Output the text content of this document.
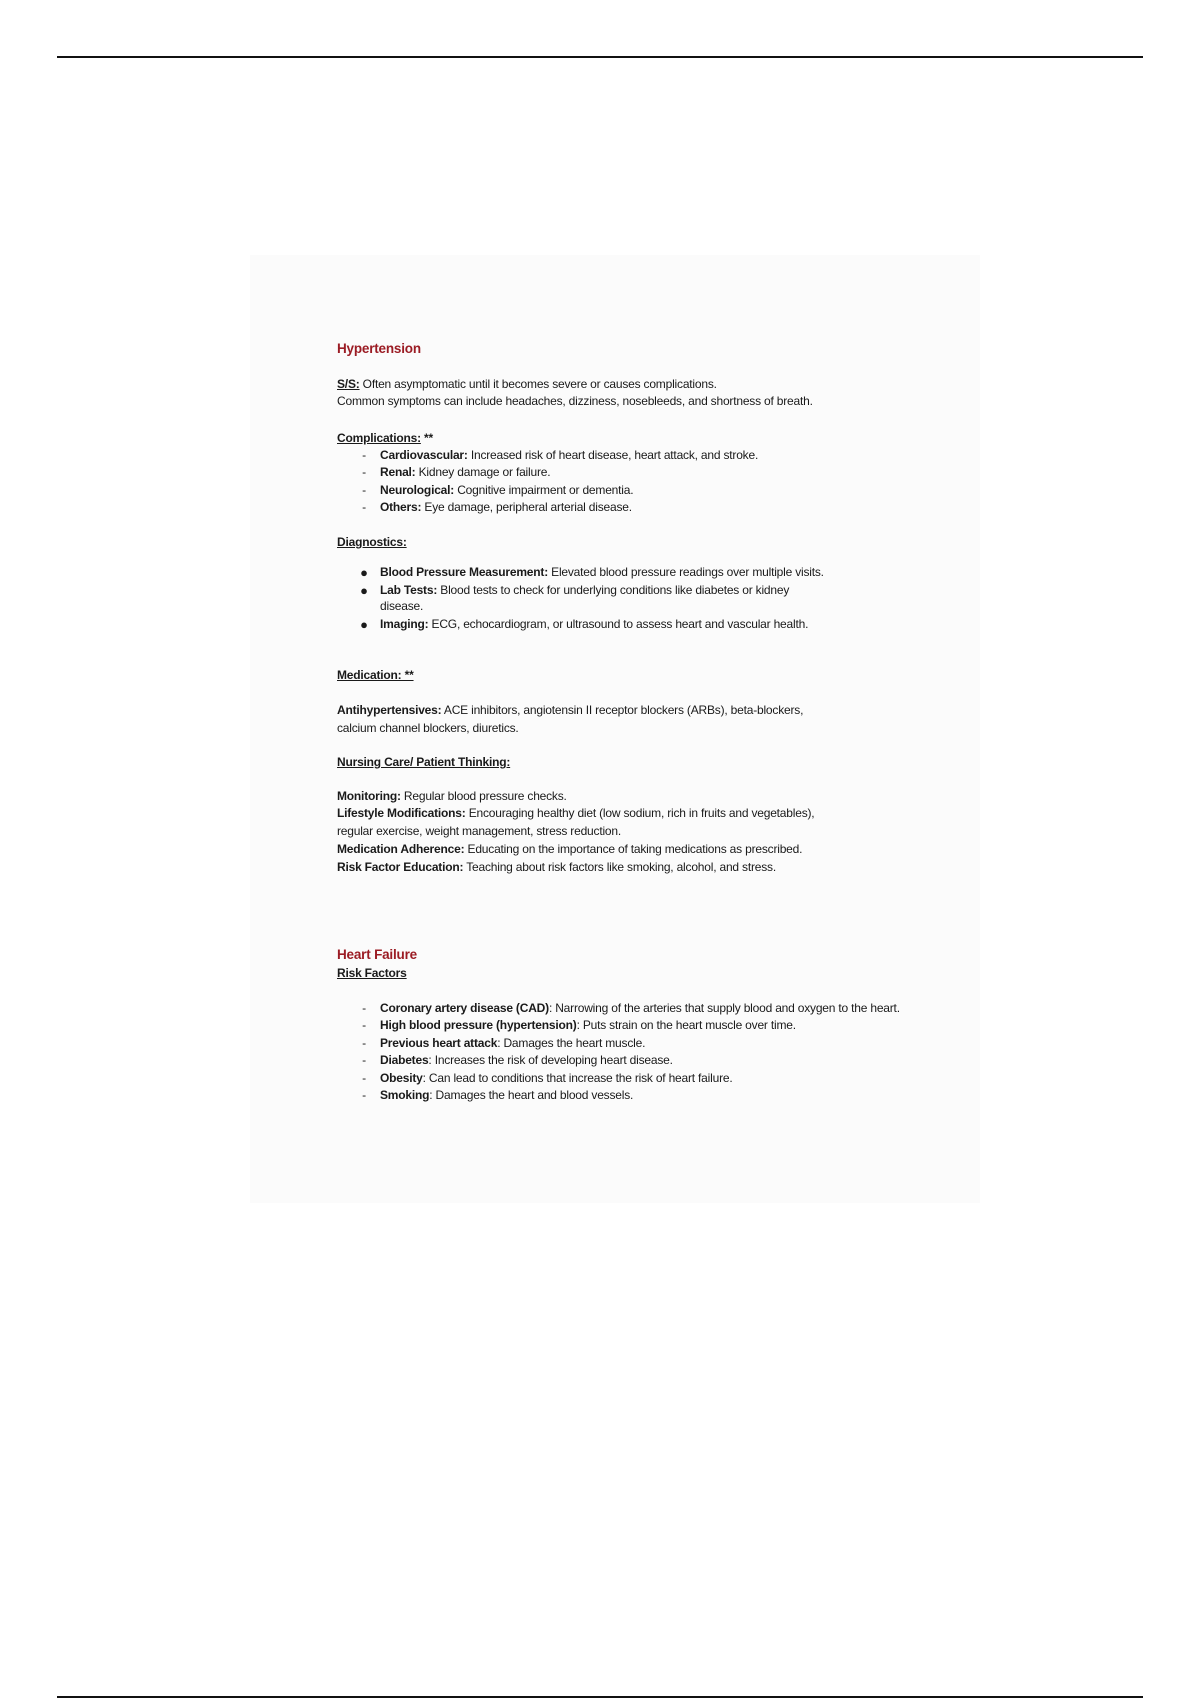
Hypertension
S/S: Often asymptomatic until it becomes severe or causes complications.
Common symptoms can include headaches, dizziness, nosebleeds, and shortness of breath.
Complications: **
- Cardiovascular: Increased risk of heart disease, heart attack, and stroke.
- Renal: Kidney damage or failure.
- Neurological: Cognitive impairment or dementia.
- Others: Eye damage, peripheral arterial disease.
Diagnostics:
● Blood Pressure Measurement: Elevated blood pressure readings over multiple visits.
● Lab Tests: Blood tests to check for underlying conditions like diabetes or kidney
disease.
● Imaging: ECG, echocardiogram, or ultrasound to assess heart and vascular health.
Medication: **
Antihypertensives: ACE inhibitors, angiotensin II receptor blockers (ARBs), beta-blockers,
calcium channel blockers, diuretics.
Nursing Care/ Patient Thinking:
Monitoring: Regular blood pressure checks.
Lifestyle Modifications: Encouraging healthy diet (low sodium, rich in fruits and vegetables),
regular exercise, weight management, stress reduction.
Medication Adherence: Educating on the importance of taking medications as prescribed.
Risk Factor Education: Teaching about risk factors like smoking, alcohol, and stress.
Heart Failure
Risk Factors
- Coronary artery disease (CAD): Narrowing of the arteries that supply blood and oxygen to the heart.
- High blood pressure (hypertension): Puts strain on the heart muscle over time.
- Previous heart attack: Damages the heart muscle.
- Diabetes: Increases the risk of developing heart disease.
- Obesity: Can lead to conditions that increase the risk of heart failure.
- Smoking: Damages the heart and blood vessels.
